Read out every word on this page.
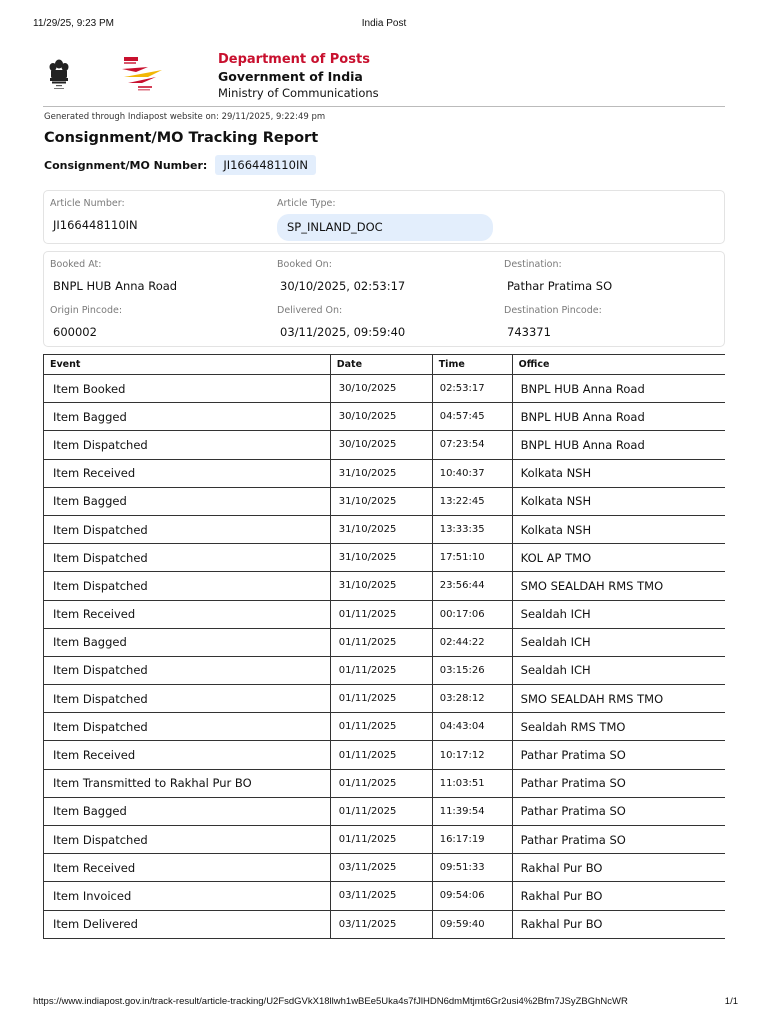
11/29/25, 9:23 PM	India Post
Department of Posts
Government of India
Ministry of Communications
Generated through Indiapost website on: 29/11/2025, 9:22:49 pm
Consignment/MO Tracking Report
Consignment/MO Number:	JI166448110IN
Article Number:
JI166448110IN
Article Type:
SP_INLAND_DOC
Booked At:
BNPL HUB Anna Road
Booked On:
30/10/2025, 02:53:17
Destination:
Pathar Pratima SO
Origin Pincode:
600002
Delivered On:
03/11/2025, 09:59:40
Destination Pincode:
743371
Event	Date	Time	Office
Item Booked	30/10/2025	02:53:17	BNPL HUB Anna Road
Item Bagged	30/10/2025	04:57:45	BNPL HUB Anna Road
Item Dispatched	30/10/2025	07:23:54	BNPL HUB Anna Road
Item Received	31/10/2025	10:40:37	Kolkata NSH
Item Bagged	31/10/2025	13:22:45	Kolkata NSH
Item Dispatched	31/10/2025	13:33:35	Kolkata NSH
Item Dispatched	31/10/2025	17:51:10	KOL AP TMO
Item Dispatched	31/10/2025	23:56:44	SMO SEALDAH RMS TMO
Item Received	01/11/2025	00:17:06	Sealdah ICH
Item Bagged	01/11/2025	02:44:22	Sealdah ICH
Item Dispatched	01/11/2025	03:15:26	Sealdah ICH
Item Dispatched	01/11/2025	03:28:12	SMO SEALDAH RMS TMO
Item Dispatched	01/11/2025	04:43:04	Sealdah RMS TMO
Item Received	01/11/2025	10:17:12	Pathar Pratima SO
Item Transmitted to Rakhal Pur BO	01/11/2025	11:03:51	Pathar Pratima SO
Item Bagged	01/11/2025	11:39:54	Pathar Pratima SO
Item Dispatched	01/11/2025	16:17:19	Pathar Pratima SO
Item Received	03/11/2025	09:51:33	Rakhal Pur BO
Item Invoiced	03/11/2025	09:54:06	Rakhal Pur BO
Item Delivered	03/11/2025	09:59:40	Rakhal Pur BO
https://www.indiapost.gov.in/track-result/article-tracking/U2FsdGVkX18llwh1wBEe5Uka4s7fJlHDN6dmMtjmt6Gr2usi4%2Bfm7JSyZBGhNcWR	1/1
